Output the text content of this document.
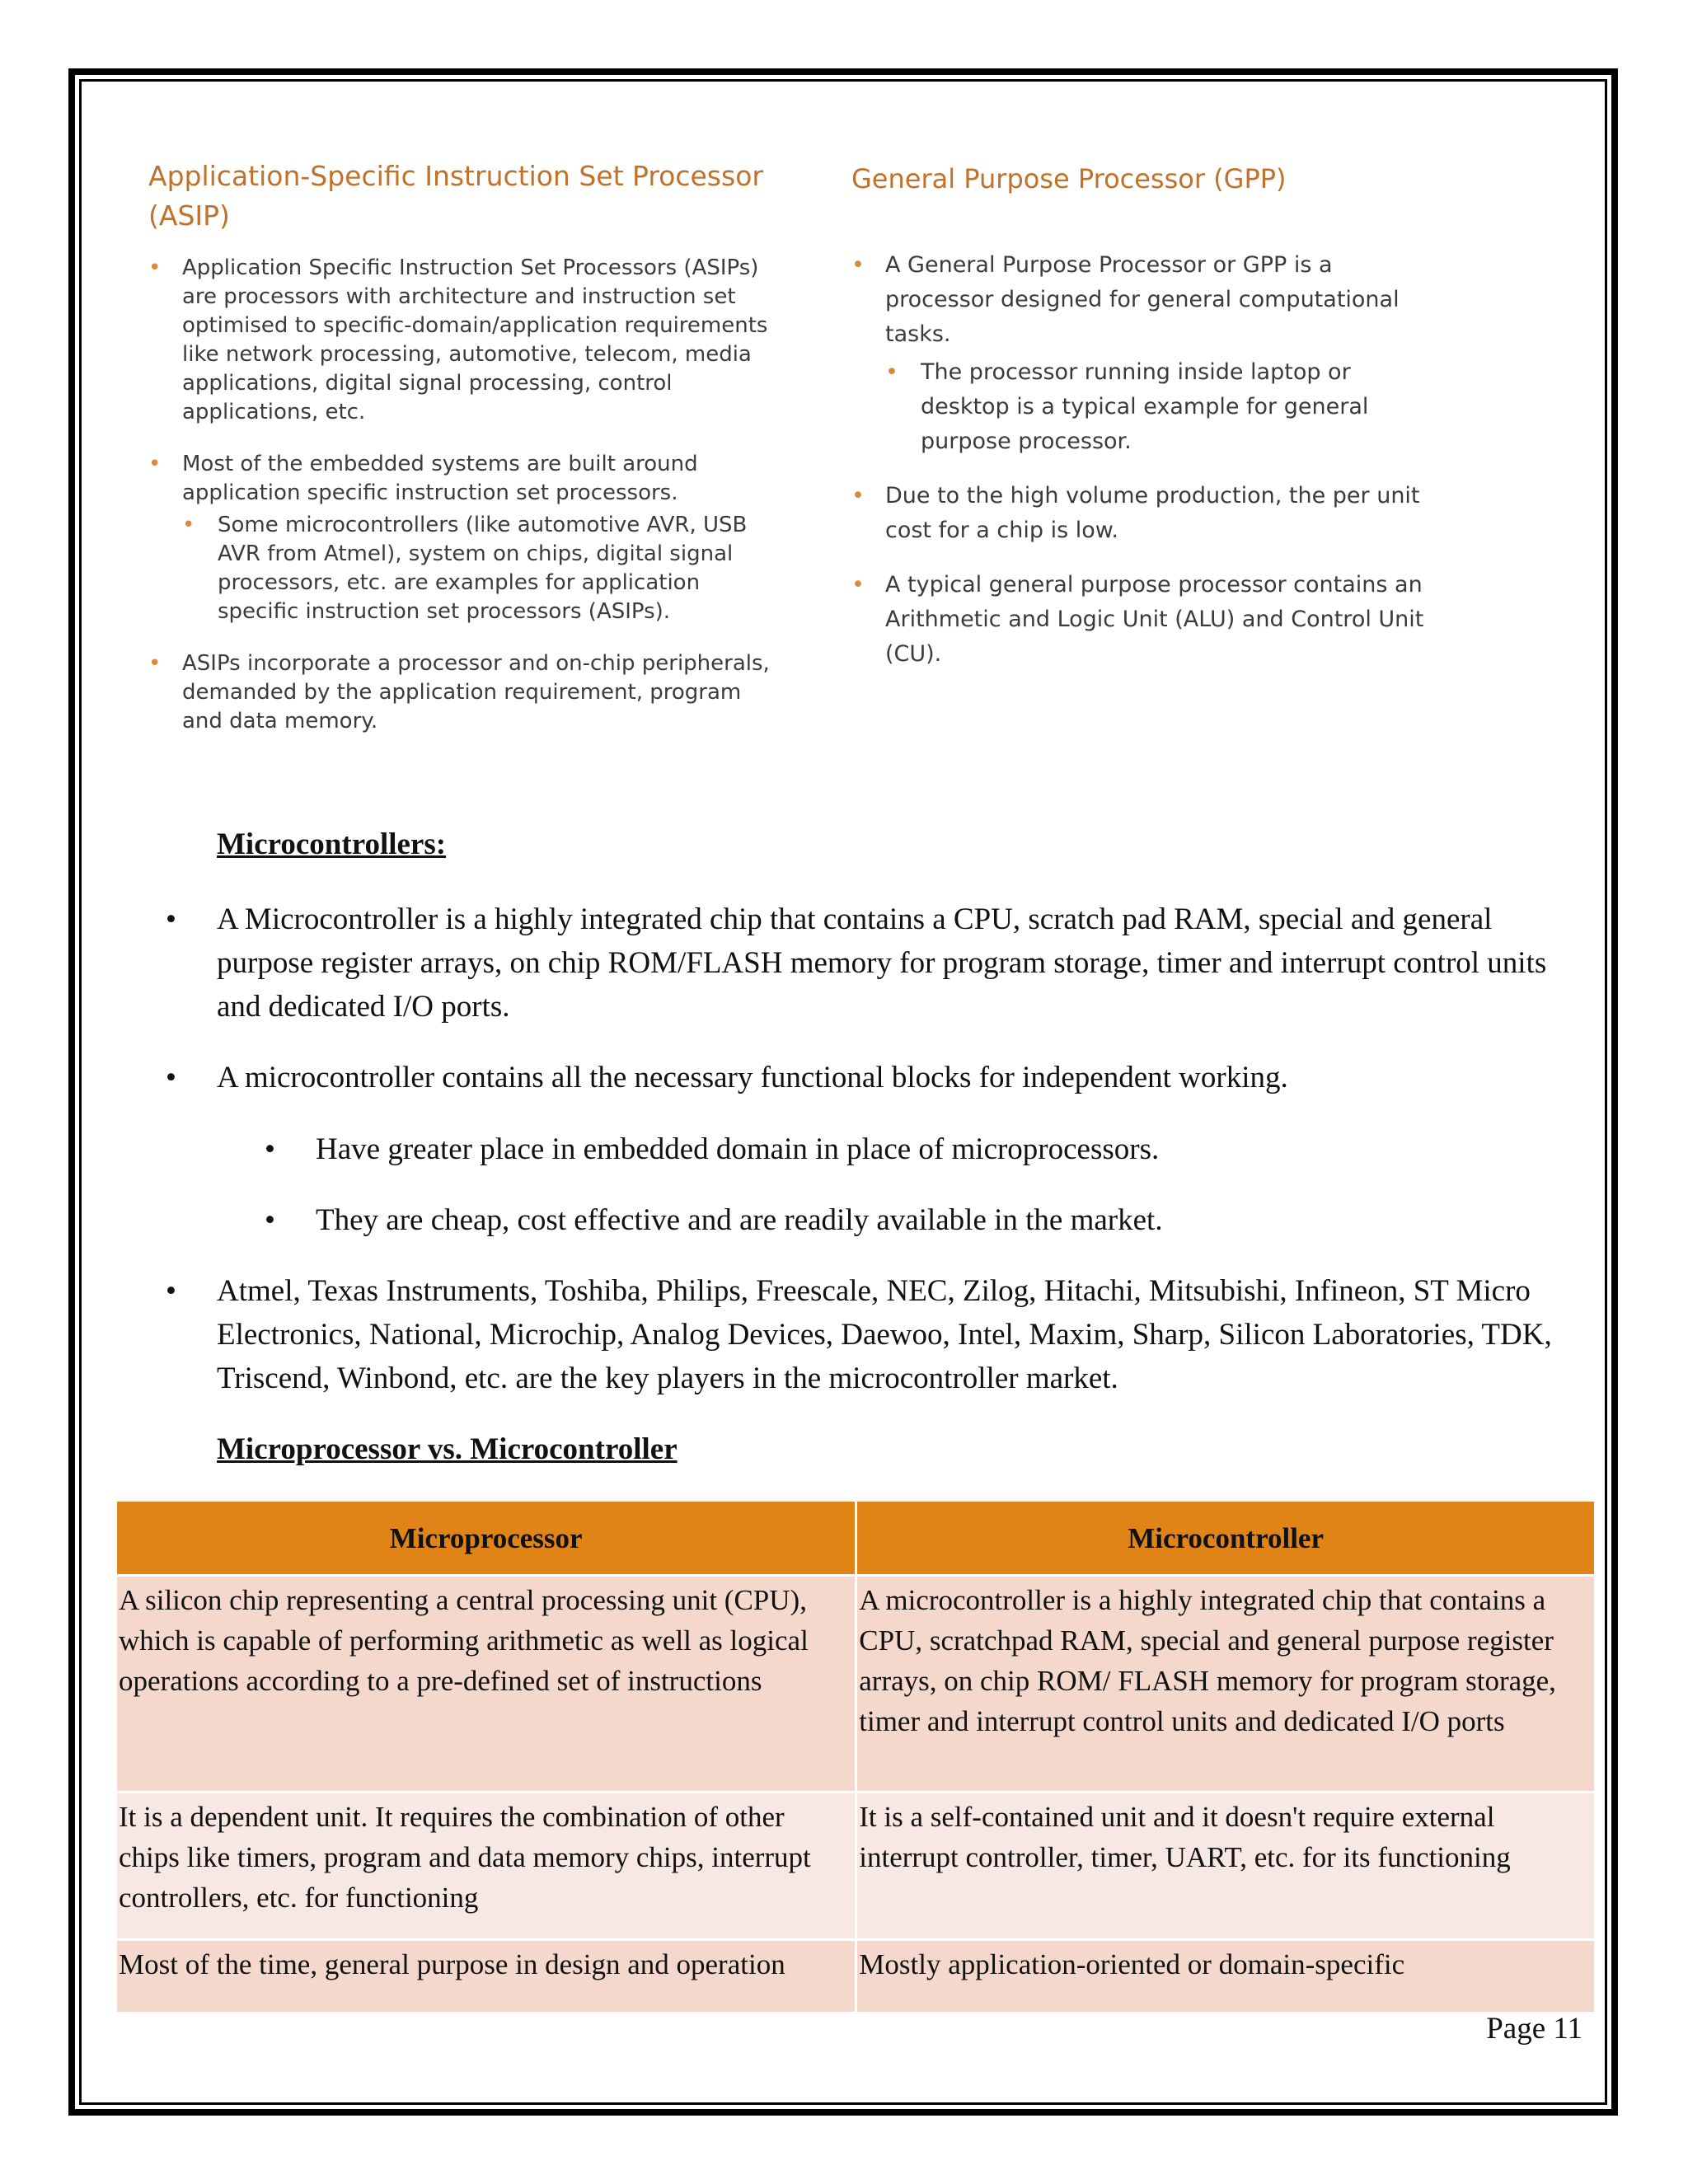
Application-Specific Instruction Set Processor (ASIP)
• Application Specific Instruction Set Processors (ASIPs) are processors with architecture and instruction set optimised to specific-domain/application requirements like network processing, automotive, telecom, media applications, digital signal processing, control applications, etc.
• Most of the embedded systems are built around application specific instruction set processors.
• Some microcontrollers (like automotive AVR, USB AVR from Atmel), system on chips, digital signal processors, etc. are examples for application specific instruction set processors (ASIPs).
• ASIPs incorporate a processor and on-chip peripherals, demanded by the application requirement, program and data memory.
General Purpose Processor (GPP)
• A General Purpose Processor or GPP is a processor designed for general computational tasks.
• The processor running inside laptop or desktop is a typical example for general purpose processor.
• Due to the high volume production, the per unit cost for a chip is low.
• A typical general purpose processor contains an Arithmetic and Logic Unit (ALU) and Control Unit (CU).
Microcontrollers:
• A Microcontroller is a highly integrated chip that contains a CPU, scratch pad RAM, special and general purpose register arrays, on chip ROM/FLASH memory for program storage, timer and interrupt control units and dedicated I/O ports.
• A microcontroller contains all the necessary functional blocks for independent working.
• Have greater place in embedded domain in place of microprocessors.
• They are cheap, cost effective and are readily available in the market.
• Atmel, Texas Instruments, Toshiba, Philips, Freescale, NEC, Zilog, Hitachi, Mitsubishi, Infineon, ST Micro Electronics, National, Microchip, Analog Devices, Daewoo, Intel, Maxim, Sharp, Silicon Laboratories, TDK, Triscend, Winbond, etc. are the key players in the microcontroller market.
Microprocessor vs. Microcontroller
Microprocessor	Microcontroller
A silicon chip representing a central processing unit (CPU), which is capable of performing arithmetic as well as logical operations according to a pre-defined set of instructions	A microcontroller is a highly integrated chip that contains a CPU, scratchpad RAM, special and general purpose register arrays, on chip ROM/ FLASH memory for program storage, timer and interrupt control units and dedicated I/O ports
It is a dependent unit. It requires the combination of other chips like timers, program and data memory chips, interrupt controllers, etc. for functioning	It is a self-contained unit and it doesn't require external interrupt controller, timer, UART, etc. for its functioning
Most of the time, general purpose in design and operation	Mostly application-oriented or domain-specific
Page 11
